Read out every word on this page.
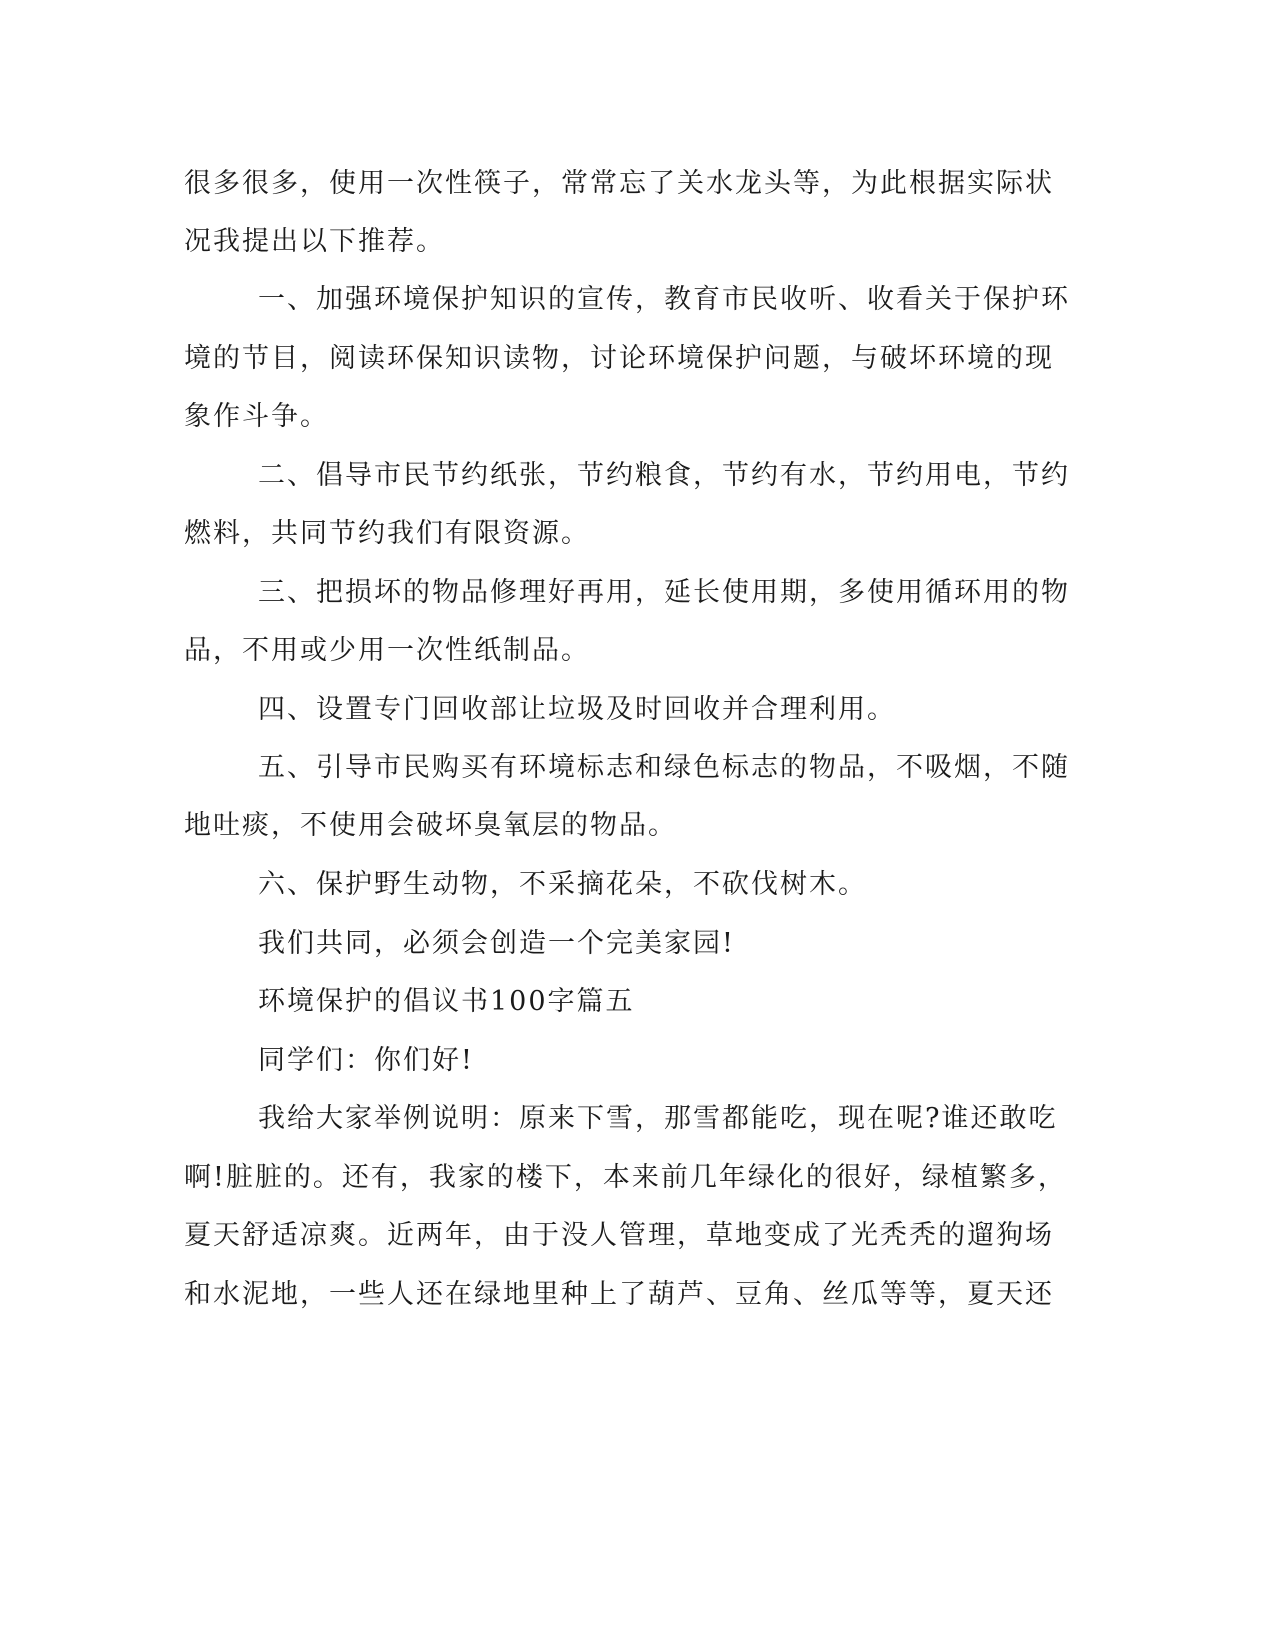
很多很多，使用一次性筷子，常常忘了关水龙头等，为此根据实际状
况我提出以下推荐。
一、加强环境保护知识的宣传，教育市民收听、收看关于保护环
境的节目，阅读环保知识读物，讨论环境保护问题，与破坏环境的现
象作斗争。
二、倡导市民节约纸张，节约粮食，节约有水，节约用电，节约
燃料，共同节约我们有限资源。
三、把损坏的物品修理好再用，延长使用期，多使用循环用的物
品，不用或少用一次性纸制品。
四、设置专门回收部让垃圾及时回收并合理利用。
五、引导市民购买有环境标志和绿色标志的物品，不吸烟，不随
地吐痰，不使用会破坏臭氧层的物品。
六、保护野生动物，不采摘花朵，不砍伐树木。
我们共同，必须会创造一个完美家园!
环境保护的倡议书100字篇五
同学们：你们好!
我给大家举例说明：原来下雪，那雪都能吃，现在呢?谁还敢吃
啊!脏脏的。还有，我家的楼下，本来前几年绿化的很好，绿植繁多，
夏天舒适凉爽。近两年，由于没人管理，草地变成了光秃秃的遛狗场
和水泥地，一些人还在绿地里种上了葫芦、豆角、丝瓜等等，夏天还
